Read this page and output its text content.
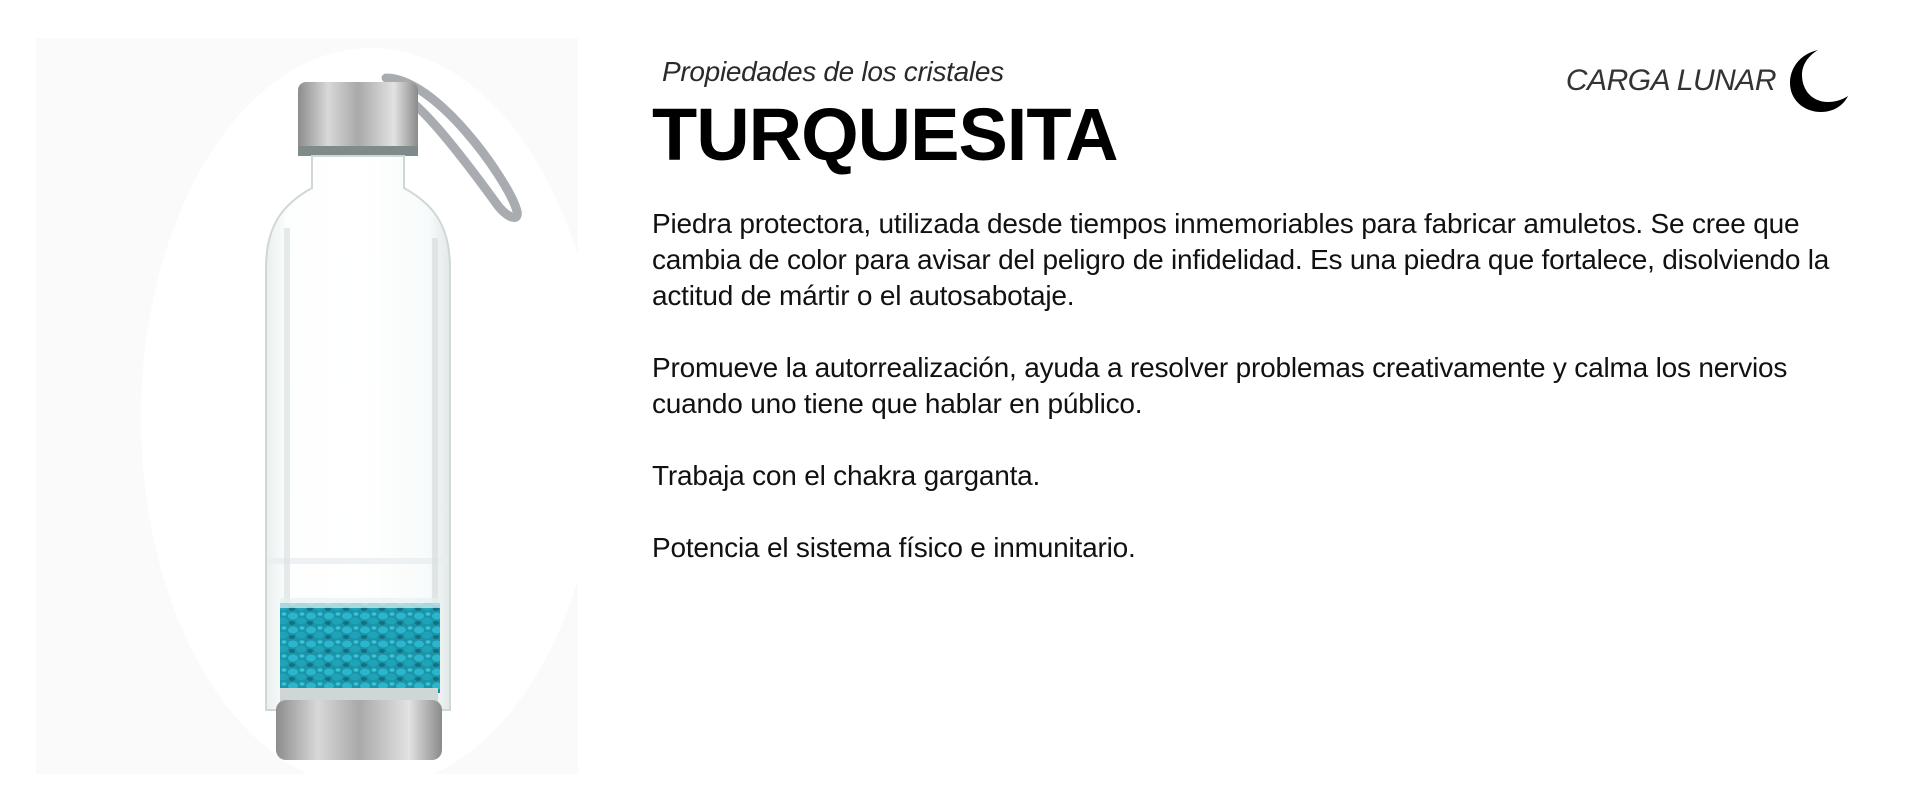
Propiedades de los cristales
TURQUESITA
CARGA LUNAR

Piedra protectora, utilizada desde tiempos inmemoriables para fabricar amuletos. Se cree que cambia de color para avisar del peligro de infidelidad. Es una piedra que fortalece, disolviendo la actitud de mártir o el autosabotaje.

Promueve la autorrealización, ayuda a resolver problemas creativamente y calma los nervios cuando uno tiene que hablar en público.

Trabaja con el chakra garganta.

Potencia el sistema físico e inmunitario.
